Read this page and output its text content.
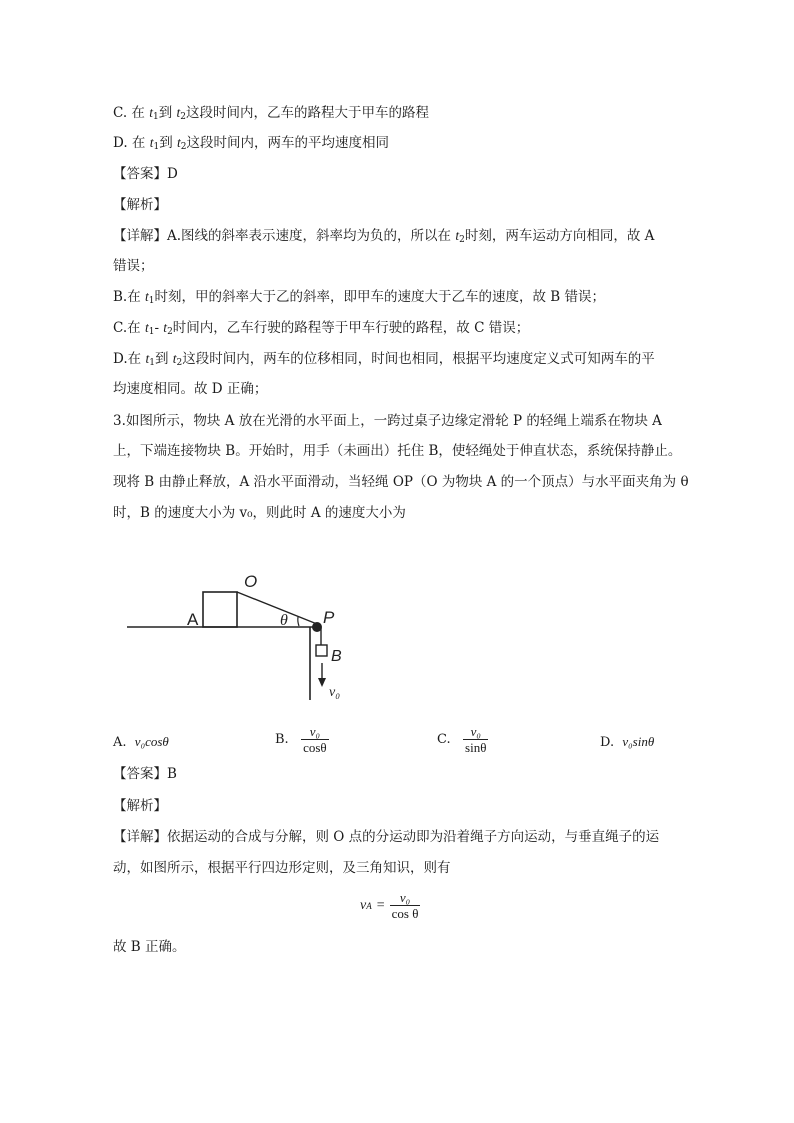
C. 在 $t_1$到 $t_2$这段时间内，乙车的路程大于甲车的路程
D. 在 $t_1$到 $t_2$这段时间内，两车的平均速度相同
【答案】D
【解析】
【详解】A.图线的斜率表示速度，斜率均为负的，所以在 $t_2$时刻，两车运动方向相同，故 A
错误；
B.在 $t_1$时刻，甲的斜率大于乙的斜率，即甲车的速度大于乙车的速度，故 B 错误；
C.在 $t_1-$ $t_2$时间内，乙车行驶的路程等于甲车行驶的路程，故 C 错误；
D.在 $t_1$到 $t_2$这段时间内，两车的位移相同，时间也相同，根据平均速度定义式可知两车的平
均速度相同。故 D 正确；
3.如图所示，物块 A 放在光滑的水平面上，一跨过桌子边缘定滑轮 P 的轻绳上端系在物块 A
上，下端连接物块 B。开始时，用手（未画出）托住 B，使轻绳处于伸直状态，系统保持静止。
现将 B 由静止释放，A 沿水平面滑动，当轻绳 OP（O 为物块 A 的一个顶点）与水平面夹角为 θ
时，B 的速度大小为 v₀，则此时 A 的速度大小为
A
O
θ P
B
v₀
A. v₀cosθ	B. $\frac{\text{v₀}}{\cos\theta}$	C. $\frac{\text{v₀}}{\sin\theta}$	D. v₀sinθ
【答案】B
【解析】
【详解】依据运动的合成与分解，则 O 点的分运动即为沿着绳子方向运动，与垂直绳子的运
动，如图所示，根据平行四边形定则，及三角知识，则有
v $A = \frac{\text{v₀}}{\text{cos θ}}$
故 B 正确。
